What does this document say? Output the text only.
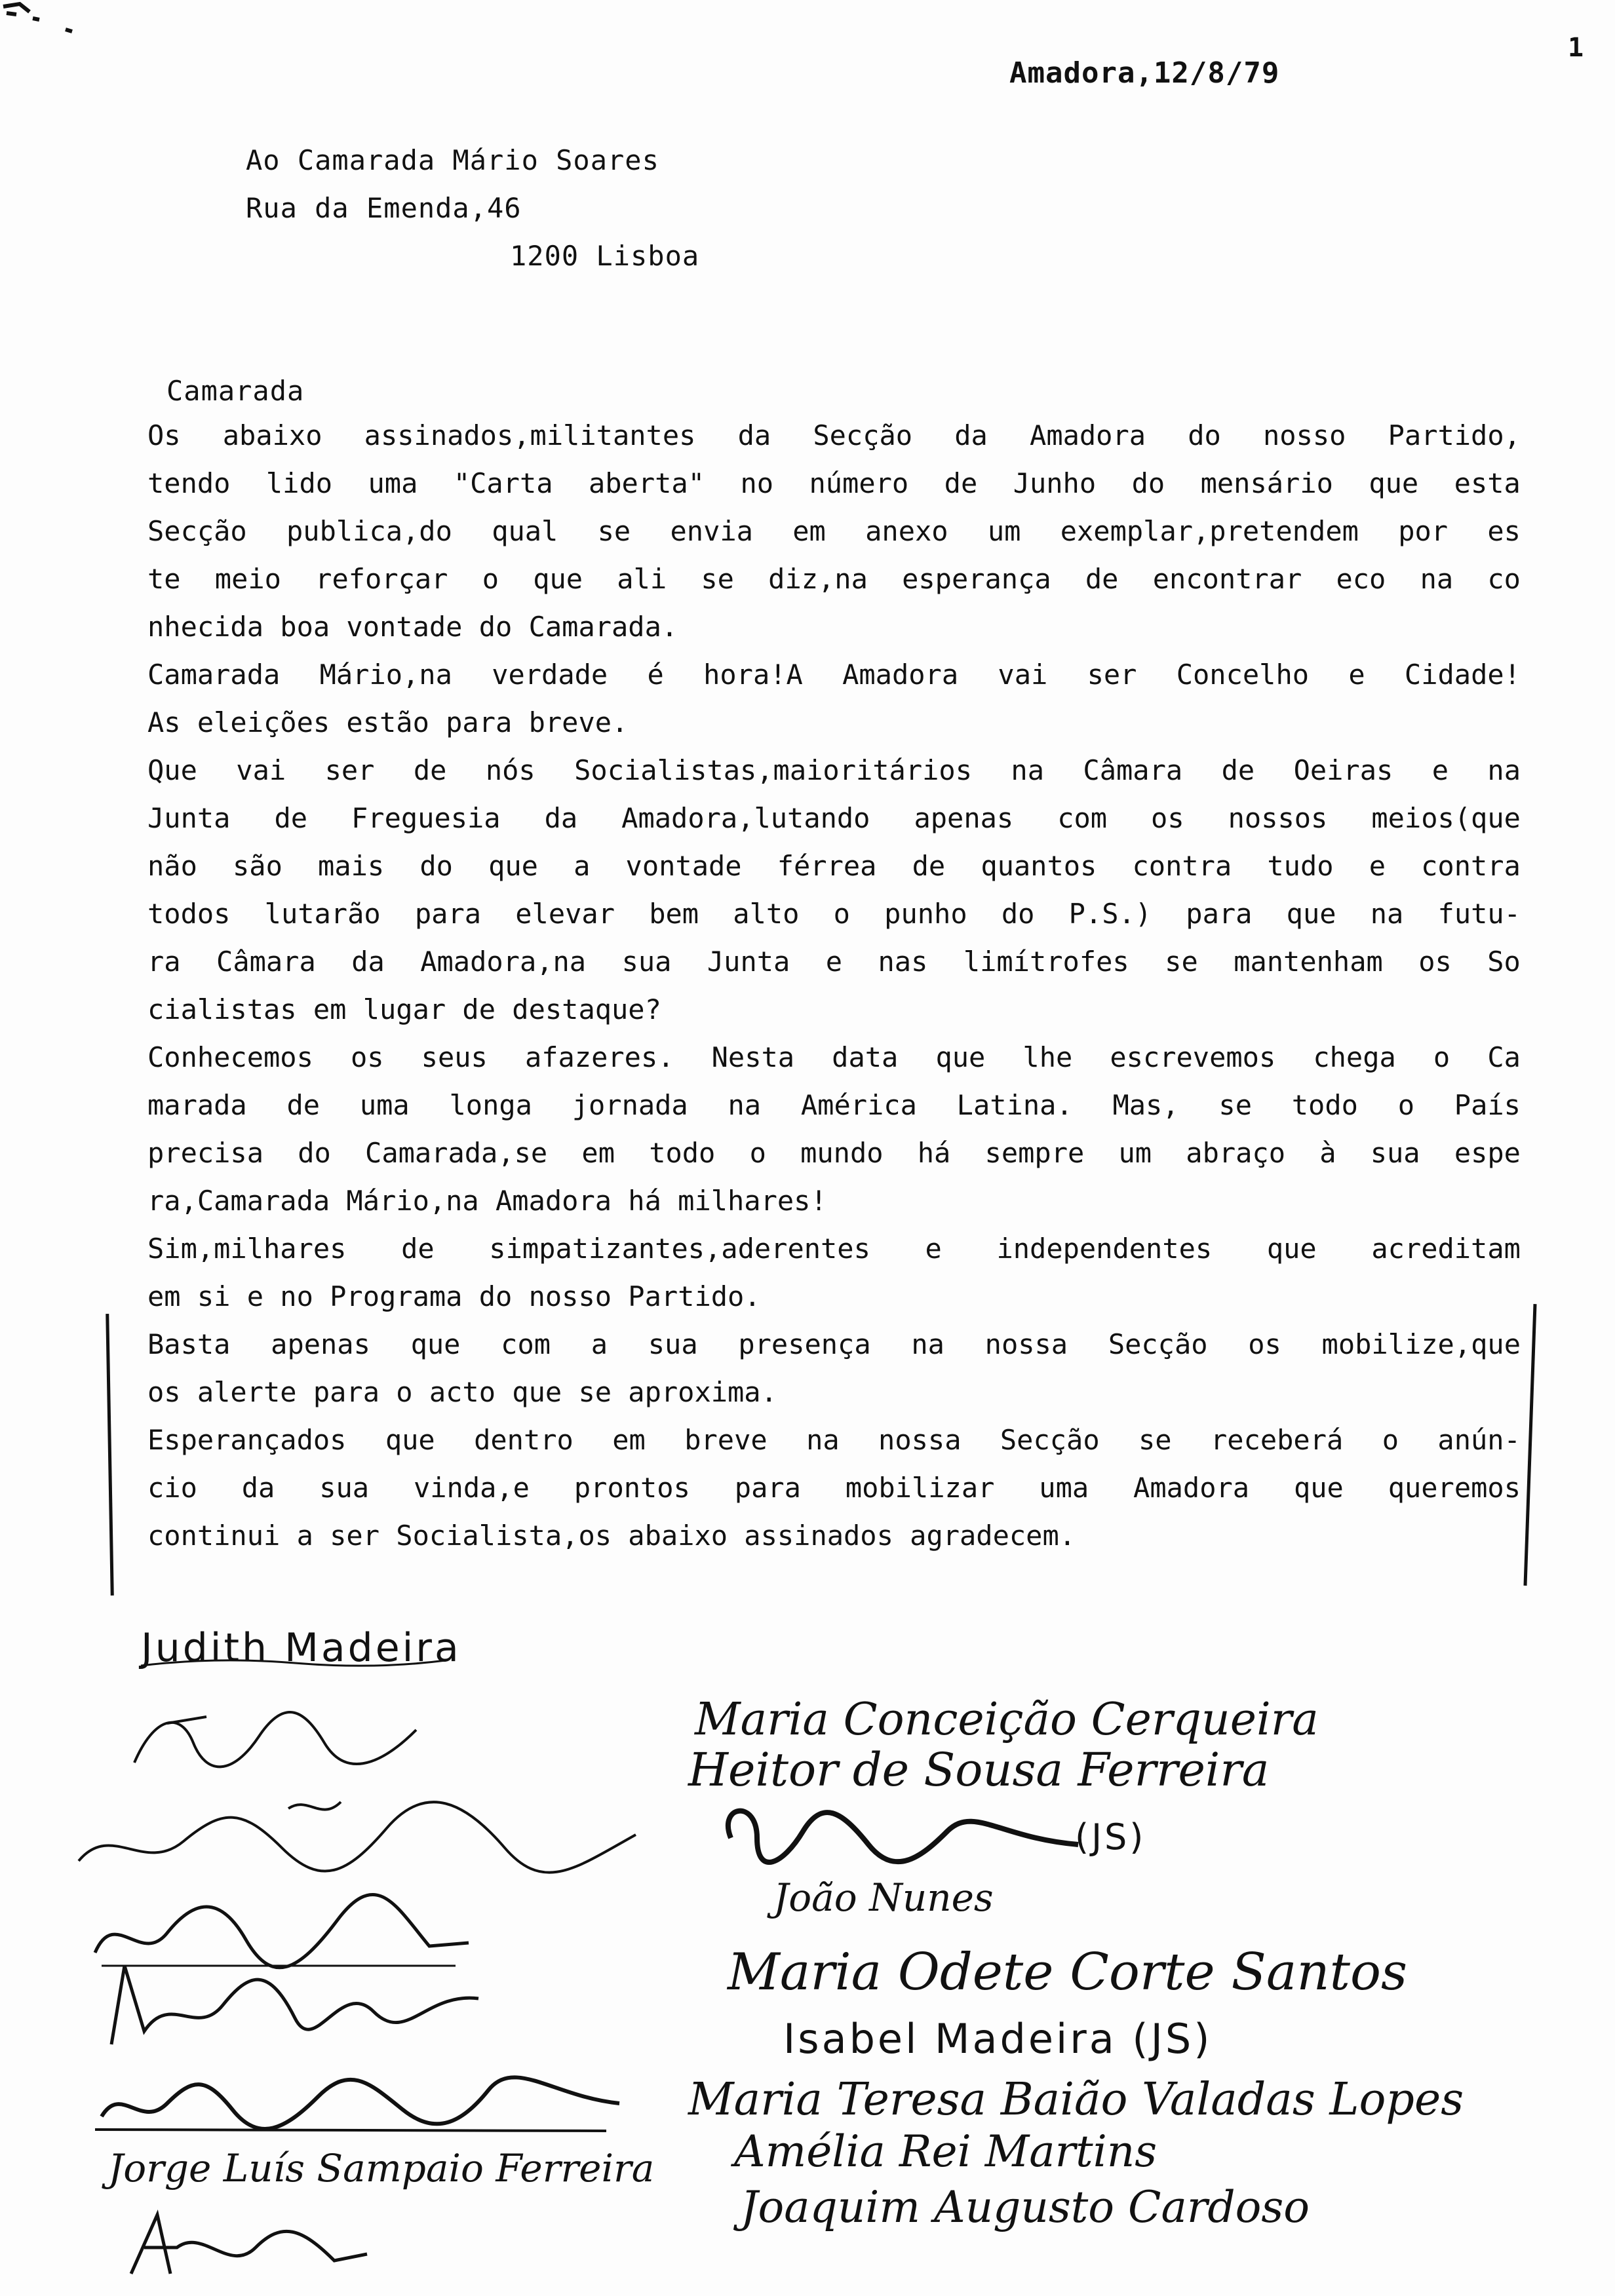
1
Amadora,12/8/79
Ao Camarada Mário Soares
Rua da Emenda,46
1200 Lisboa
Camarada
Os abaixo assinados,militantes da Secção da Amadora do nosso Partido,
tendo lido uma "Carta aberta" no número de Junho do mensário que esta
Secção publica,do qual se envia em anexo um exemplar,pretendem por es
te meio reforçar o que ali se diz,na esperança de encontrar eco na co
nhecida boa vontade do Camarada.
Camarada Mário,na verdade é hora!A Amadora vai ser Concelho e Cidade!
As eleições estão para breve.
Que vai ser de nós Socialistas,maioritários na Câmara de Oeiras e na
Junta de Freguesia da Amadora,lutando apenas com os nossos meios(que
não são mais do que a vontade férrea de quantos contra tudo e contra
todos lutarão para elevar bem alto o punho do P.S.) para que na futu-
ra Câmara da Amadora,na sua Junta e nas limítrofes se mantenham os So
cialistas em lugar de destaque?
Conhecemos os seus afazeres. Nesta data que lhe escrevemos chega o Ca
marada de uma longa jornada na América Latina. Mas, se todo o País
precisa do Camarada,se em todo o mundo há sempre um abraço à sua espe
ra,Camarada Mário,na Amadora há milhares!
Sim,milhares de simpatizantes,aderentes e independentes que acreditam
em si e no Programa do nosso Partido.
Basta apenas que com a sua presença na nossa Secção os mobilize,que
os alerte para o acto que se aproxima.
Esperançados que dentro em breve na nossa Secção se receberá o anún-
cio da sua vinda,e prontos para mobilizar uma Amadora que queremos
continui a ser Socialista,os abaixo assinados agradecem.
Judith Madeira
Jorge Luís Sampaio Ferreira
Maria Conceição Cerqueira
Heitor de Sousa Ferreira
(JS)
João Nunes
Maria Odete Corte Santos
Isabel Madeira (JS)
Maria Teresa Baião Valadas Lopes
Amélia Rei Martins
Joaquim Augusto Cardoso
